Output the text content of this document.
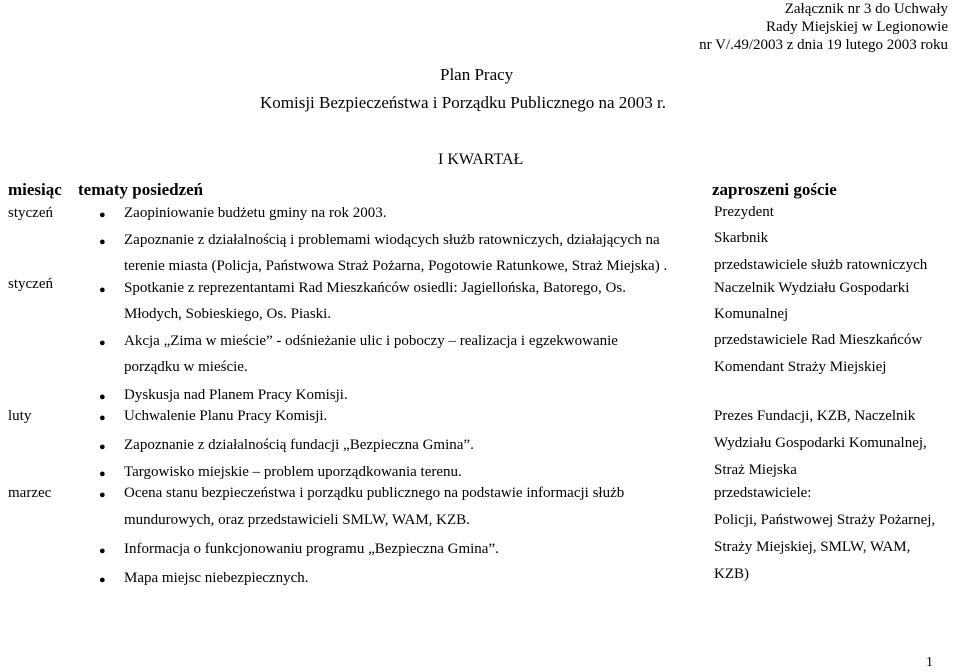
Załącznik nr 3 do Uchwały
Rady Miejskiej w Legionowie
nr V/.49/2003 z dnia 19 lutego 2003 roku
Plan Pracy
Komisji Bezpieczeństwa i Porządku Publicznego na 2003 r.
I KWARTAŁ
miesiąc tematy posiedzeń	zaproszeni goście
styczeń
styczeń
luty
marzec
● Zaopiniowanie budżetu gminy na rok 2003.
● Zapoznanie z działalnością i problemami wiodących służb ratowniczych, działających na
terenie miasta (Policja, Państwowa Straż Pożarna, Pogotowie Ratunkowe, Straż Miejska) .
● Spotkanie z reprezentantami Rad Mieszkańców osiedli: Jagiellońska, Batorego, Os.
Młodych, Sobieskiego, Os. Piaski.
● Akcja „Zima w mieście” - odśnieżanie ulic i poboczy – realizacja i egzekwowanie
porządku w mieście.
● Dyskusja nad Planem Pracy Komisji.
● Uchwalenie Planu Pracy Komisji.
● Zapoznanie z działalnością fundacji „Bezpieczna Gmina”.
● Targowisko miejskie – problem uporządkowania terenu.
● Ocena stanu bezpieczeństwa i porządku publicznego na podstawie informacji służb
mundurowych, oraz przedstawicieli SMLW, WAM, KZB.
● Informacja o funkcjonowaniu programu „Bezpieczna Gmina”.
● Mapa miejsc niebezpiecznych.
Prezydent
Skarbnik
przedstawiciele służb ratowniczych
Naczelnik Wydziału Gospodarki
Komunalnej
przedstawiciele Rad Mieszkańców
Komendant Straży Miejskiej
Prezes Fundacji, KZB, Naczelnik
Wydziału Gospodarki Komunalnej,
Straż Miejska
przedstawiciele:
Policji, Państwowej Straży Pożarnej,
Straży Miejskiej, SMLW, WAM,
KZB)
1
